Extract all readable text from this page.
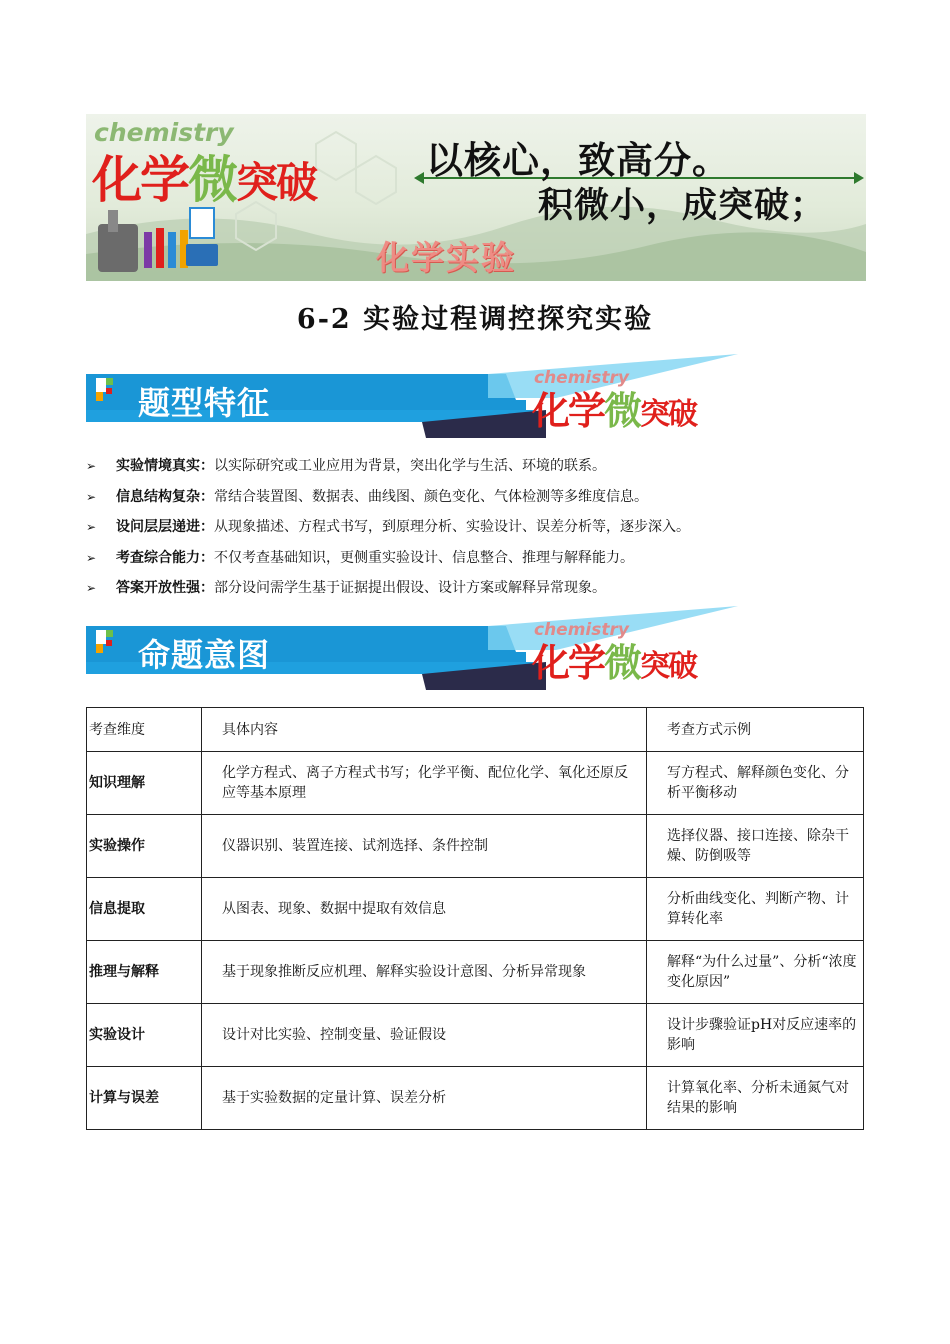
chemistry
化学微突破	以核心，致高分。
积微小，成突破；
化学实验
6-2 实验过程调控探究实验
题型特征
chemistry
化学微突破
➢ 实验情境真实：以实际研究或工业应用为背景，突出化学与生活、环境的联系。
➢ 信息结构复杂：常结合装置图、数据表、曲线图、颜色变化、气体检测等多维度信息。
➢ 设问层层递进：从现象描述、方程式书写，到原理分析、实验设计、误差分析等，逐步深入。
➢ 考查综合能力：不仅考查基础知识，更侧重实验设计、信息整合、推理与解释能力。
➢ 答案开放性强：部分设问需学生基于证据提出假设、设计方案或解释异常现象。
命题意图
chemistry
化学微突破
考查维度	具体内容	考查方式示例
知识理解	化学方程式、离子方程式书写；化学平衡、配位化学、氧化还原反应等基本原理	写方程式、解释颜色变化、分析平衡移动
实验操作	仪器识别、装置连接、试剂选择、条件控制	选择仪器、接口连接、除杂干燥、防倒吸等
信息提取	从图表、现象、数据中提取有效信息	分析曲线变化、判断产物、计算转化率
推理与解释	基于现象推断反应机理、解释实验设计意图、分析异常现象	解释“为什么过量”、分析“浓度变化原因”
实验设计	设计对比实验、控制变量、验证假设	设计步骤验证pH对反应速率的影响
计算与误差	基于实验数据的定量计算、误差分析	计算氧化率、分析未通氮气对结果的影响
